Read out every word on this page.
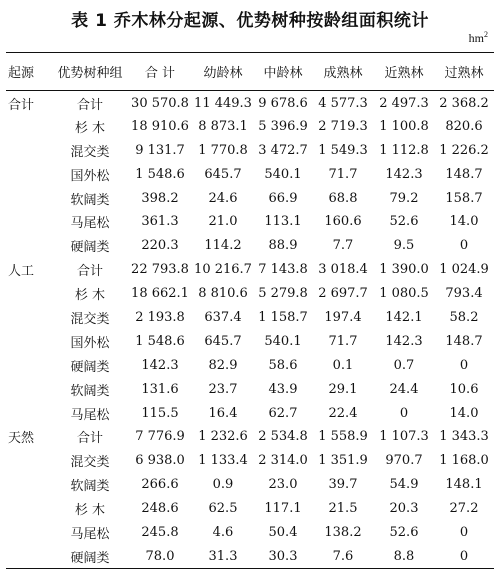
表 1 乔木林分起源、优势树种按龄组面积统计
$hm^2$
起源	优势树种组	合 计	幼龄林	中龄林	成熟林	近熟林	过熟林
合计	合计	30 570.8	11 449.3	9 678.6	4 577.3	2 497.3	2 368.2
	杉 木	18 910.6	8 873.1	5 396.9	2 719.3	1 100.8	820.6
	混交类	9 131.7	1 770.8	3 472.7	1 549.3	1 112.8	1 226.2
	国外松	1 548.6	645.7	540.1	71.7	142.3	148.7
	软阔类	398.2	24.6	66.9	68.8	79.2	158.7
	马尾松	361.3	21.0	113.1	160.6	52.6	14.0
	硬阔类	220.3	114.2	88.9	7.7	9.5	0
人工	合计	22 793.8	10 216.7	7 143.8	3 018.4	1 390.0	1 024.9
	杉 木	18 662.1	8 810.6	5 279.8	2 697.7	1 080.5	793.4
	混交类	2 193.8	637.4	1 158.7	197.4	142.1	58.2
	国外松	1 548.6	645.7	540.1	71.7	142.3	148.7
	硬阔类	142.3	82.9	58.6	0.1	0.7	0
	软阔类	131.6	23.7	43.9	29.1	24.4	10.6
	马尾松	115.5	16.4	62.7	22.4	0	14.0
天然	合计	7 776.9	1 232.6	2 534.8	1 558.9	1 107.3	1 343.3
	混交类	6 938.0	1 133.4	2 314.0	1 351.9	970.7	1 168.0
	软阔类	266.6	0.9	23.0	39.7	54.9	148.1
	杉 木	248.6	62.5	117.1	21.5	20.3	27.2
	马尾松	245.8	4.6	50.4	138.2	52.6	0
	硬阔类	78.0	31.3	30.3	7.6	8.8	0
